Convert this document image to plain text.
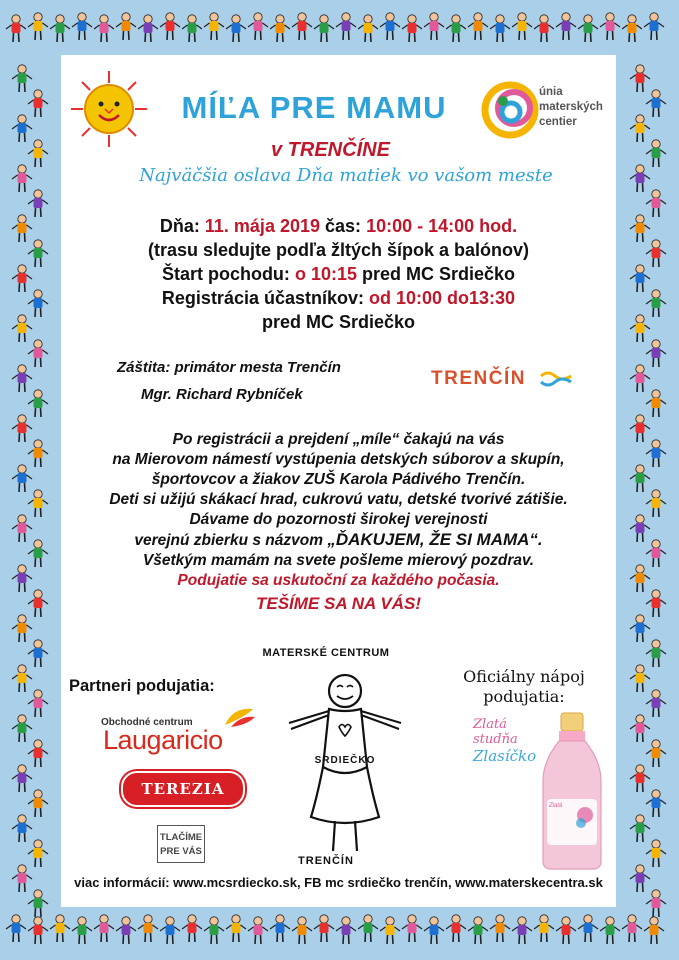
MÍĽA PRE MAMU	únia
materských
centier
v TRENČÍNE
Najväčšia oslava Dňa matiek vo vašom meste
Dňa: 11. mája 2019 čas: 10:00 - 14:00 hod.
(trasu sledujte podľa žltých šípok a balónov)
Štart pochodu: o 10:15 pred MC Srdiečko
Registrácia účastníkov: od 10:00 do13:30
pred MC Srdiečko
Záštita: primátor mesta Trenčín
Mgr. Richard Rybníček
TRENČÍN
Po registrácii a prejdení „míle“ čakajú na vás
na Mierovom námestí vystúpenia detských súborov a skupín,
športovcov a žiakov ZUŠ Karola Pádivého Trenčín.
Deti si užijú skákací hrad, cukrovú vatu, detské tvorivé zátišie.
Dávame do pozornosti širokej verejnosti
verejnú zbierku s názvom „ĎAKUJEM, ŽE SI MAMA“.
Všetkým mamám na svete pošleme mierový pozdrav.
Podujatie sa uskutoční za každého počasia.
TEŠÍME SA NA VÁS!
Partneri podujatia:
Obchodné centrum
Laugaricio
TEREZIA
TLAČÍME
PRE VÁS
MATERSKÉ CENTRUM
SRDIEČKO
TRENČÍN
Oficiálny nápoj
podujatia:
Zlatá
studňa
Zlasíčko
Zlatá
viac informácií: www.mcsrdiecko.sk, FB mc srdiečko trenčín, www.materskecentra.sk
